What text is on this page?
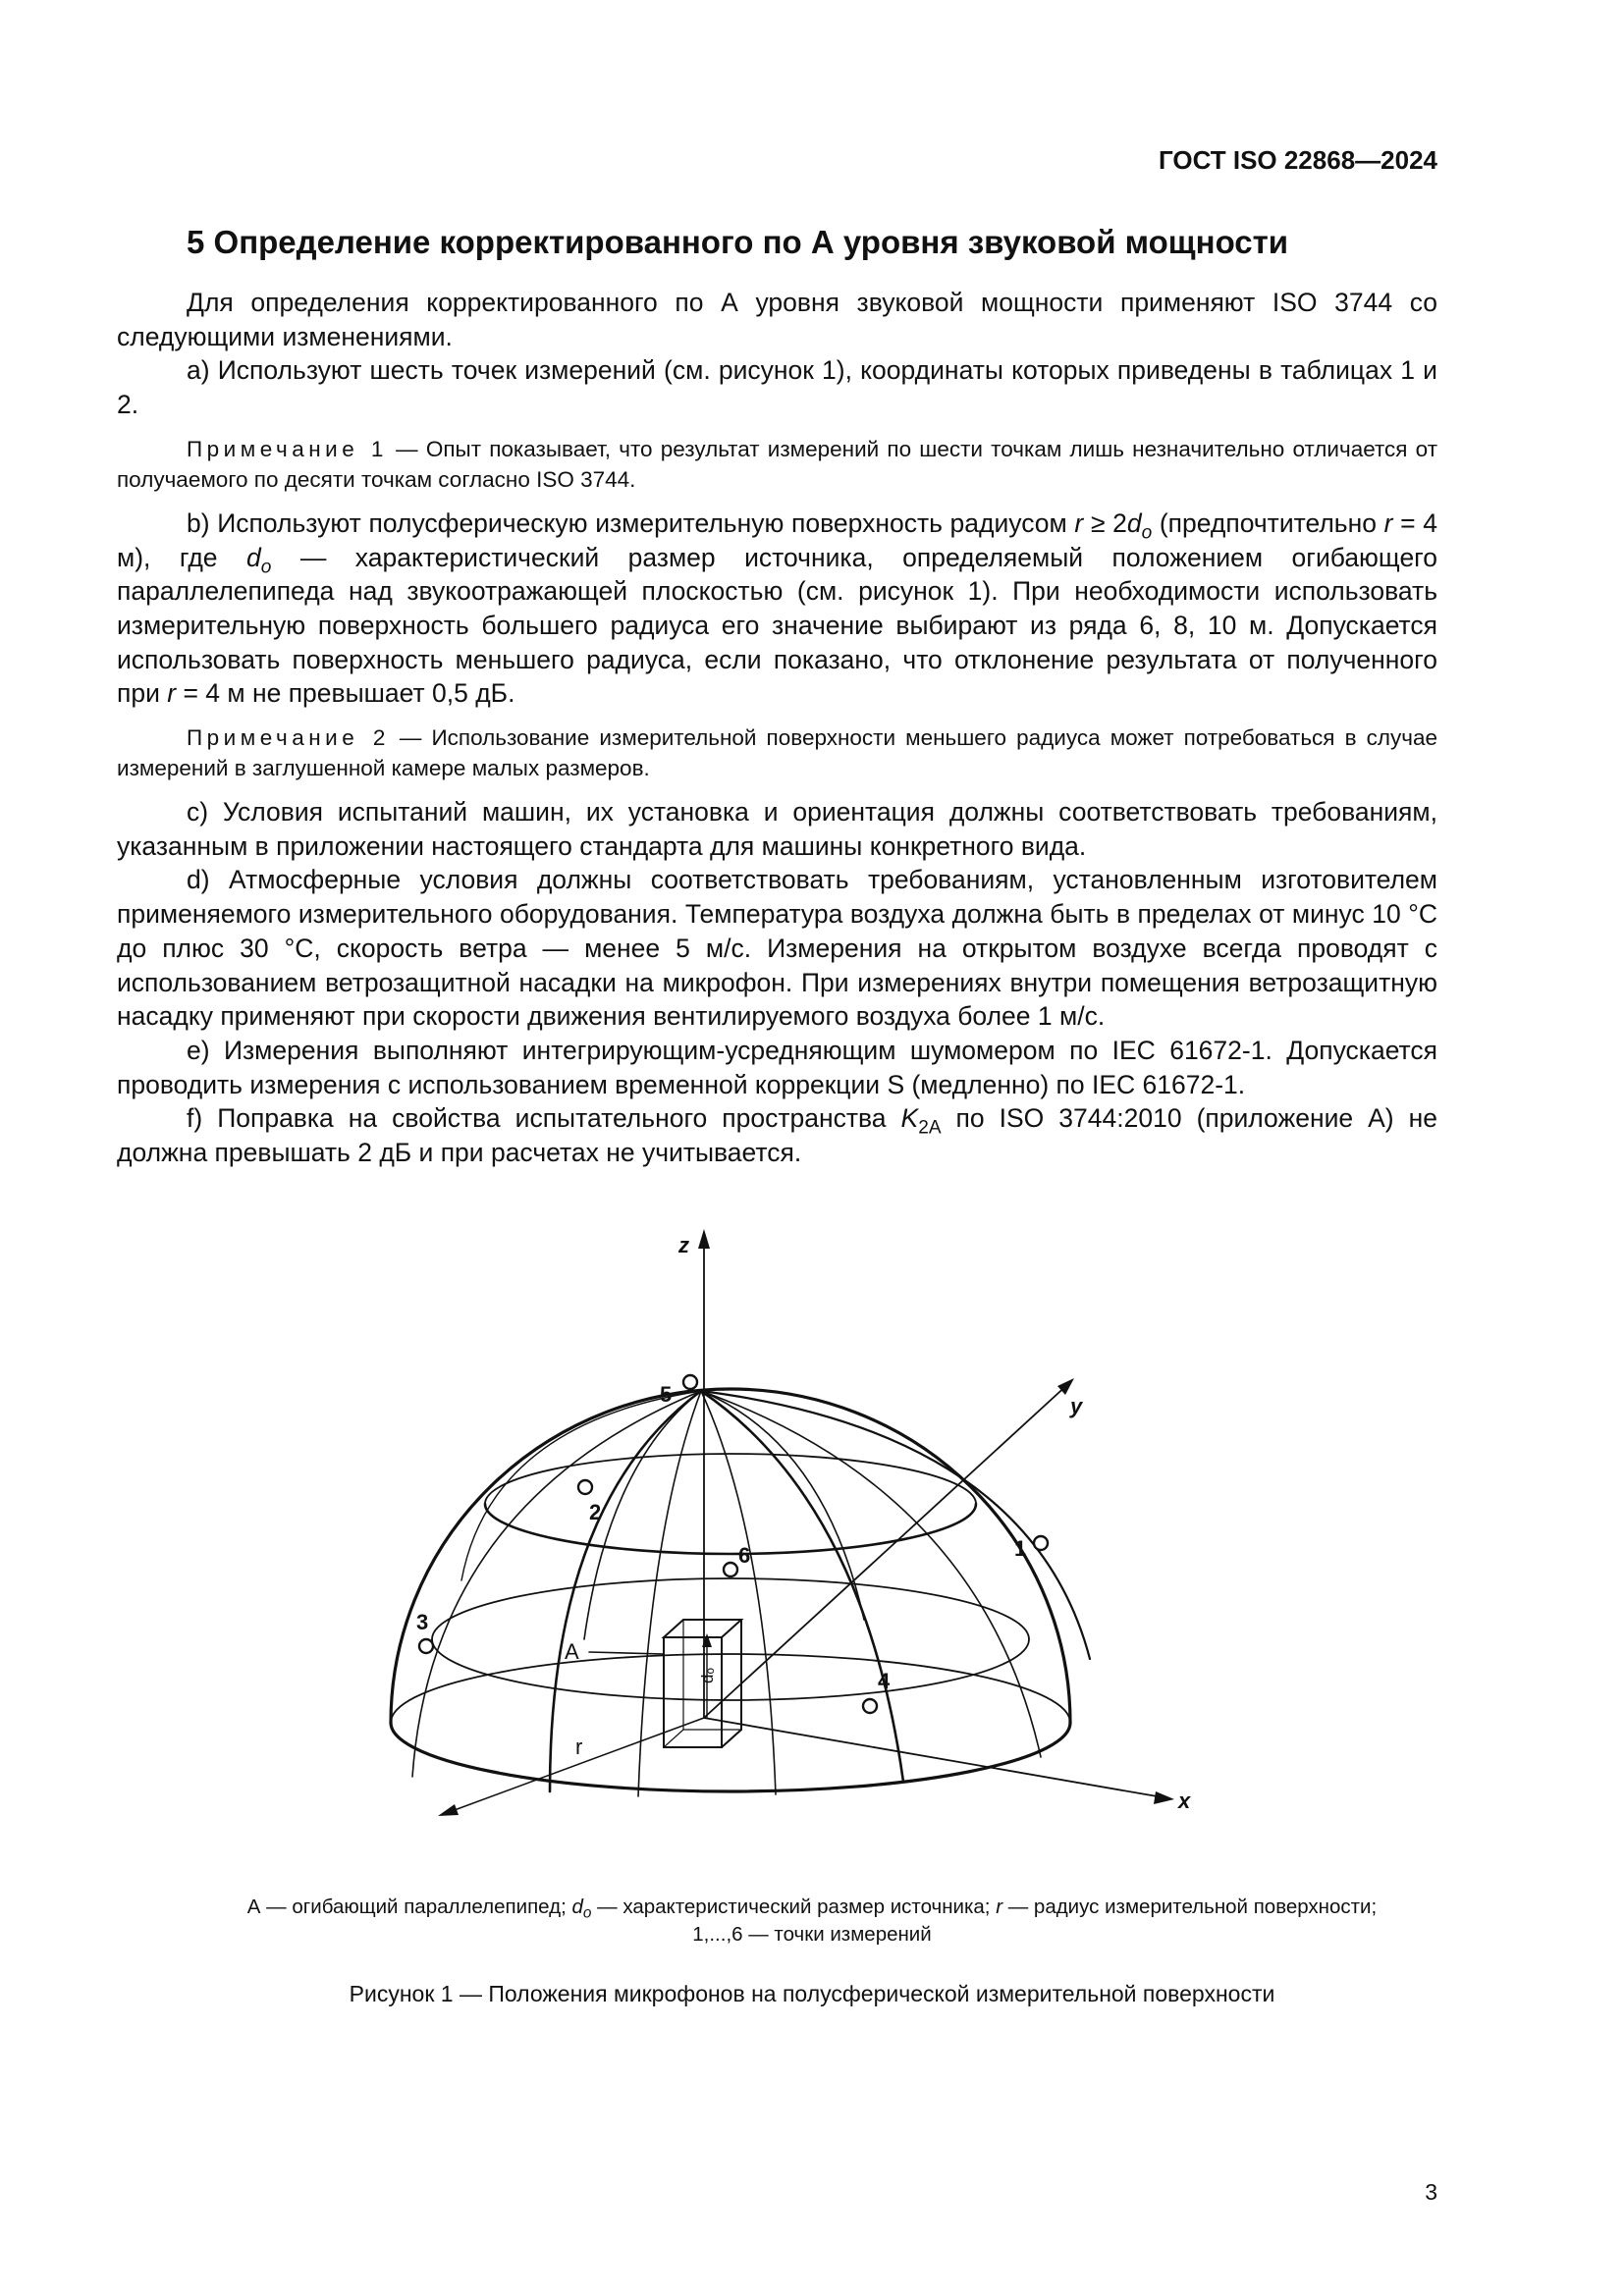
ГОСТ ISO 22868—2024
5 Определение корректированного по А уровня звуковой мощности

Для определения корректированного по А уровня звуковой мощности применяют ISO 3744 со следующими изменениями.

a) Используют шесть точек измерений (см. рисунок 1), координаты которых приведены в таблицах 1 и 2.

Примечание 1 — Опыт показывает, что результат измерений по шести точкам лишь незначительно отличается от получаемого по десяти точкам согласно ISO 3744.

b) Используют полусферическую измерительную поверхность радиусом $r \ge 2d_o$ (предпочтительно r = 4 м), где $d_o$ — характеристический размер источника, определяемый положением огибающего параллелепипеда над звукоотражающей плоскостью (см. рисунок 1). При необходимости использовать измерительную поверхность большего радиуса его значение выбирают из ряда 6, 8, 10 м. Допускается использовать поверхность меньшего радиуса, если показано, что отклонение результата от полученного при r = 4 м не превышает 0,5 дБ.

Примечание 2 — Использование измерительной поверхности меньшего радиуса может потребоваться в случае измерений в заглушенной камере малых размеров.

c) Условия испытаний машин, их установка и ориентация должны соответствовать требованиям, указанным в приложении настоящего стандарта для машины конкретного вида.

d) Атмосферные условия должны соответствовать требованиям, установленным изготовителем применяемого измерительного оборудования. Температура воздуха должна быть в пределах от минус 10 °С до плюс 30 °С, скорость ветра — менее 5 м/с. Измерения на открытом воздухе всегда проводят с использованием ветрозащитной насадки на микрофон. При измерениях внутри помещения ветрозащитную насадку применяют при скорости движения вентилируемого воздуха более 1 м/с.

e) Измерения выполняют интегрирующим-усредняющим шумомером по IEC 61672-1. Допускается проводить измерения с использованием временной коррекции S (медленно) по IEC 61672-1.

f) Поправка на свойства испытательного пространства $K_{2A}$ по ISO 3744:2010 (приложение А) не должна превышать 2 дБ и при расчетах не учитывается.

z
y
x
r
A
dₒ
1
2
3
4
5
6
А — огибающий параллелепипед; $d_o$ — характеристический размер источника; r — радиус измерительной поверхности;
1,...,6 — точки измерений
Рисунок 1 — Положения микрофонов на полусферической измерительной поверхности
3
